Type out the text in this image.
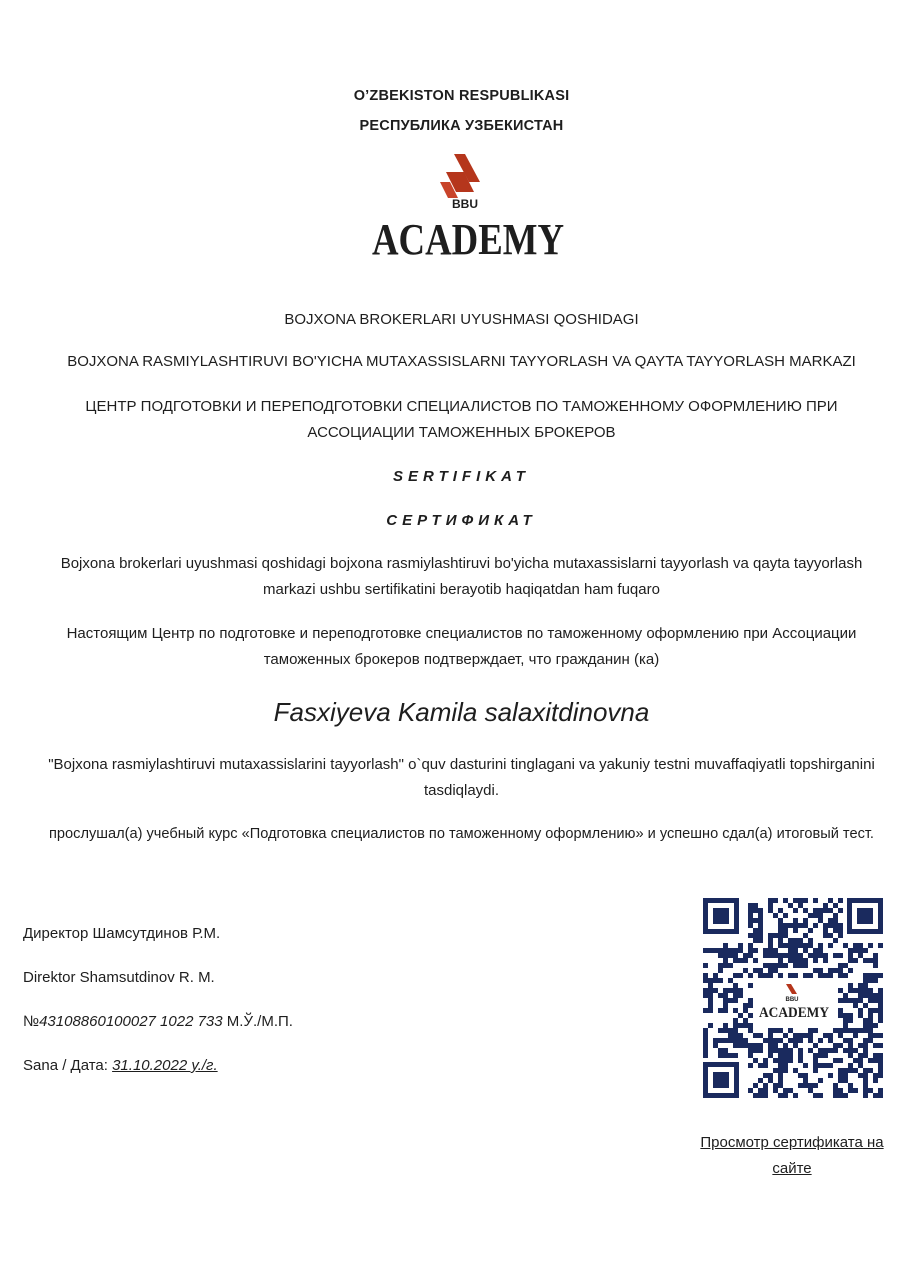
O’ZBEKISTON RESPUBLIKASI
РЕСПУБЛИКА УЗБЕКИСТАН
BBU
ACADEMY
BOJXONA BROKERLARI UYUSHMASI QOSHIDAGI
BOJXONA RASMIYLASHTIRUVI BO'YICHA MUTAXASSISLARNI TAYYORLASH VA QAYTA TAYYORLASH MARKAZI
ЦЕНТР ПОДГОТОВКИ И ПЕРЕПОДГОТОВКИ СПЕЦИАЛИСТОВ ПО ТАМОЖЕННОМУ ОФОРМЛЕНИЮ ПРИ
АССОЦИАЦИИ ТАМОЖЕННЫХ БРОКЕРОВ
SERTIFIKAT
СЕРТИФИКАТ
Bojxona brokerlari uyushmasi qoshidagi bojxona rasmiylashtiruvi bo'yicha mutaxassislarni tayyorlash va qayta tayyorlash
markazi ushbu sertifikatini berayotib haqiqatdan ham fuqaro
Настоящим Центр по подготовке и переподготовке специалистов по таможенному оформлению при Ассоциации
таможенных брокеров подтверждает, что гражданин (ка)
Fasxiyeva Kamila salaxitdinovna
"Bojxona rasmiylashtiruvi mutaxassislarini tayyorlash" o`quv dasturini tinglagani va yakuniy testni muvaffaqiyatli topshirganini
tasdiqlaydi.
прослушал(а) учебный курс «Подготовка специалистов по таможенному оформлению» и успешно сдал(а) итоговый тест.
Директор Шамсутдинов Р.М.
Direktor Shamsutdinov R. M.
№43108860100027 1022 733 М.Ў./М.П.
Sana / Дата: 31.10.2022 y./г.
BBU
ACADEMY
Просмотр сертификата на
сайте
